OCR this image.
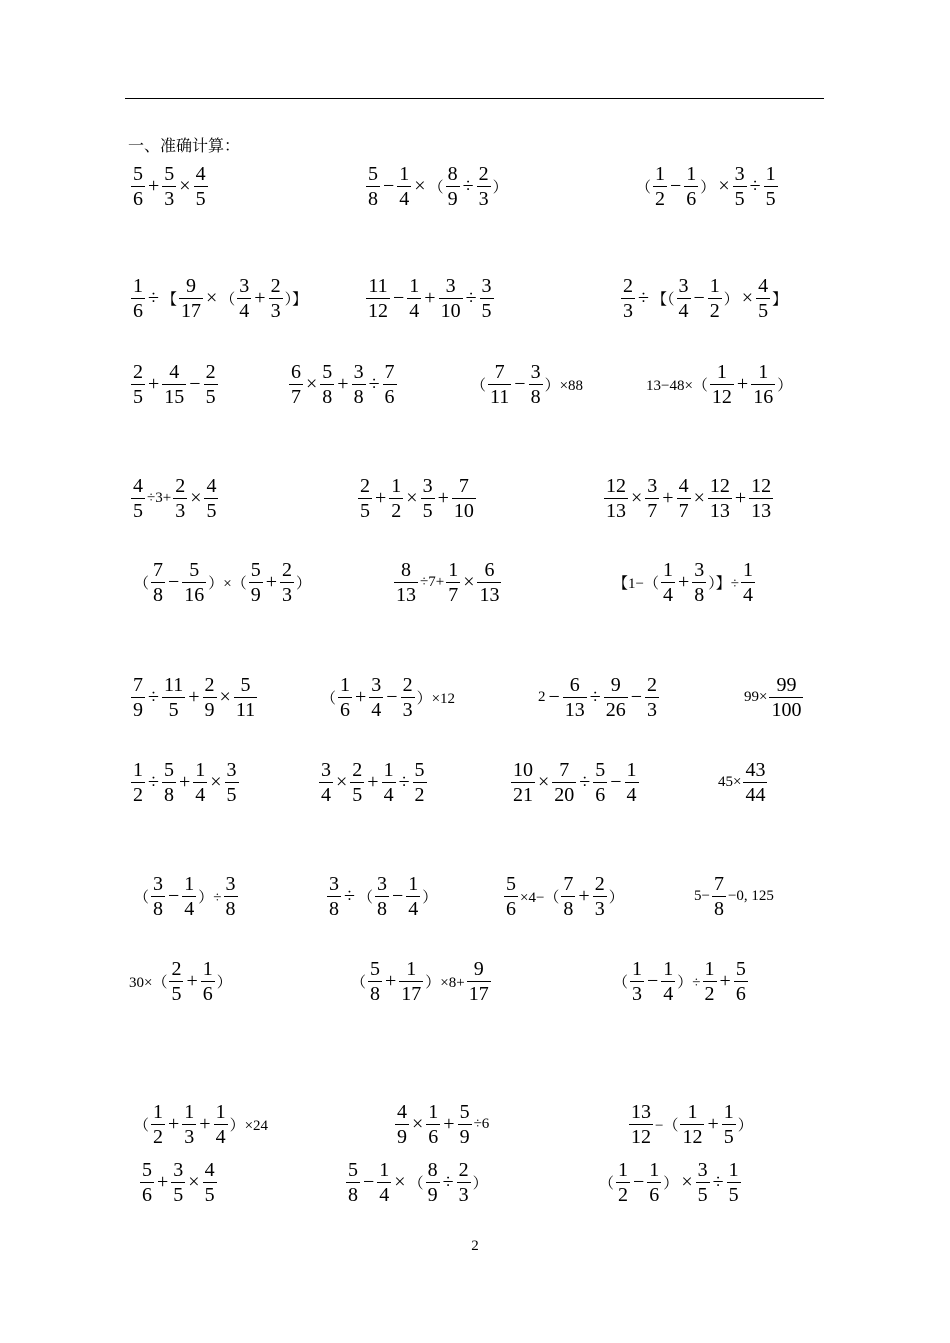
一、准确计算：
$\frac{5}{6} + \frac{5}{3} \times \frac{4}{5}$	$\frac{5}{8} - \frac{1}{4}$ × （ $\frac{8}{9} \div \frac{2}{3}$ ）	（ $\frac{1}{2} - \frac{1}{6}$ ） × $\frac{3}{5} \div \frac{1}{5}$
$\frac{1}{6}$ ÷ 【 $\frac{9}{17}$ × （ $\frac{3}{4} + \frac{2}{3}$ ）】	$\frac{11}{12} - \frac{1}{4} + \frac{3}{10} \div \frac{3}{5}$	$\frac{2}{3}$ ÷ 【（ $\frac{3}{4} - \frac{1}{2}$ ） × $\frac{4}{5}$ 】
$\frac{2}{5} + \frac{4}{15} - \frac{2}{5}$	$\frac{6}{7} \times \frac{5}{8} + \frac{3}{8} \div \frac{7}{6}$	（ $\frac{7}{11} - \frac{3}{8} )\times 88$	$13-48\times( \frac{1}{12} + \frac{1}{16}$ ）
$\frac{4}{5} \div 3+ \frac{2}{3} \times \frac{4}{5}$	$\frac{2}{5} + \frac{1}{2} \times \frac{3}{5} + \frac{7}{10}$	$\frac{12}{13} \times \frac{3}{7} + \frac{4}{7} \times \frac{12}{13} + \frac{12}{13}$
（ $\frac{7}{8} - \frac{5}{16}$ ）×（ $\frac{5}{9} + \frac{2}{3}$ ）	$\frac{8}{13} \div 7+ \frac{1}{7} \times \frac{6}{13}$	【$1-( \frac{1}{4} + \frac{3}{8}$ ）】÷ $\frac{1}{4}$
$\frac{7}{9} \div \frac{11}{5} + \frac{2}{9} \times \frac{5}{11}$	（ $\frac{1}{6} + \frac{3}{4} - \frac{2}{3} )\times 12$	$2 - \frac{6}{13} \div \frac{9}{26} - \frac{2}{3}$	$99\times \frac{99}{100}$
$\frac{1}{2} \div \frac{5}{8} + \frac{1}{4} \times \frac{3}{5}$	$\frac{3}{4} \times \frac{2}{5} + \frac{1}{4} \div \frac{5}{2}$	$\frac{10}{21} \times \frac{7}{20} \div \frac{5}{6} - \frac{1}{4}$	$45\times \frac{43}{44}$
（ $\frac{3}{8} - \frac{1}{4}$ ）÷ $\frac{3}{8}$	$\frac{3}{8}$ ÷ （ $\frac{3}{8} - \frac{1}{4}$ ）	$\frac{5}{6} \times 4-( \frac{7}{8} + \frac{2}{3}$ ）	$5- \frac{7}{8} -0$, 125
$30\times( \frac{2}{5} + \frac{1}{6}$ ）	（ $\frac{5}{8} + \frac{1}{17} )\times 8+ \frac{9}{17}$	（ $\frac{1}{3} - \frac{1}{4}$ ）÷ $\frac{1}{2} + \frac{5}{6}$
（ $\frac{1}{2} + \frac{1}{3} + \frac{1}{4} )\times 24$	$\frac{4}{9} \times \frac{1}{6} + \frac{5}{9} \div 6$	$\frac{13}{12}$ −（ $\frac{1}{12} + \frac{1}{5}$ ）
$\frac{5}{6} + \frac{3}{5} \times \frac{4}{5}$	$\frac{5}{8} - \frac{1}{4}$ × （ $\frac{8}{9} \div \frac{2}{3}$ ）	（ $\frac{1}{2} - \frac{1}{6}$ ） × $\frac{3}{5} \div \frac{1}{5}$
2
